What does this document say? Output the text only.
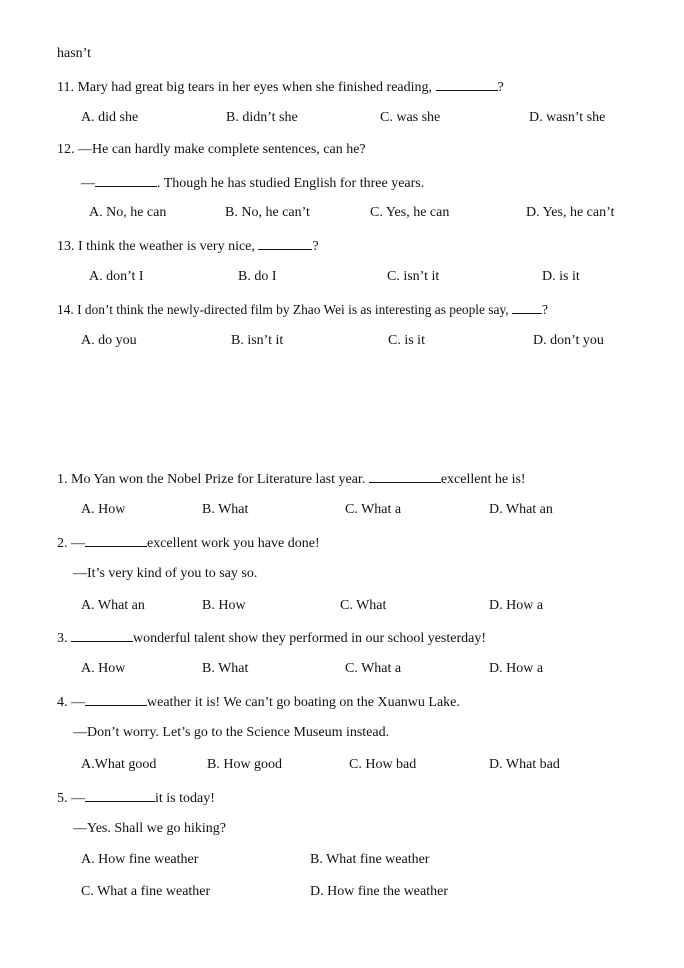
hasn’t
11. Mary had great big tears in her eyes when she finished reading,	?
A. did she	B. didn’t she	C. was she	D. wasn’t she
12. —He can hardly make complete sentences, can he?
—	. Though he has studied English for three years.
A. No, he can	B. No, he can’t	C. Yes, he can	D. Yes, he can’t
13. I think the weather is very nice,	?
A. don’t I	B. do I	C. isn’t it	D. is it
14. I don’t think the newly-directed film by Zhao Wei is as interesting as people say, ?
A. do you	B. isn’t it	C. is it	D. don’t you
1. Mo Yan won the Nobel Prize for Literature last year.	excellent he is!
A. How	B. What	C. What a	D. What an
2. —	excellent work you have done!
—It’s very kind of you to say so.
A. What an	B. How	C. What	D. How a
3.	wonderful talent show they performed in our school yesterday!
A. How	B. What	C. What a	D. How a
4. —	weather it is! We can’t go boating on the Xuanwu Lake.
—Don’t worry. Let’s go to the Science Museum instead.
A.What good	B. How good	C. How bad	D. What bad
5. —	it is today!
—Yes. Shall we go hiking?
A. How fine weather	B. What fine weather
C. What a fine weather	D. How fine the weather
